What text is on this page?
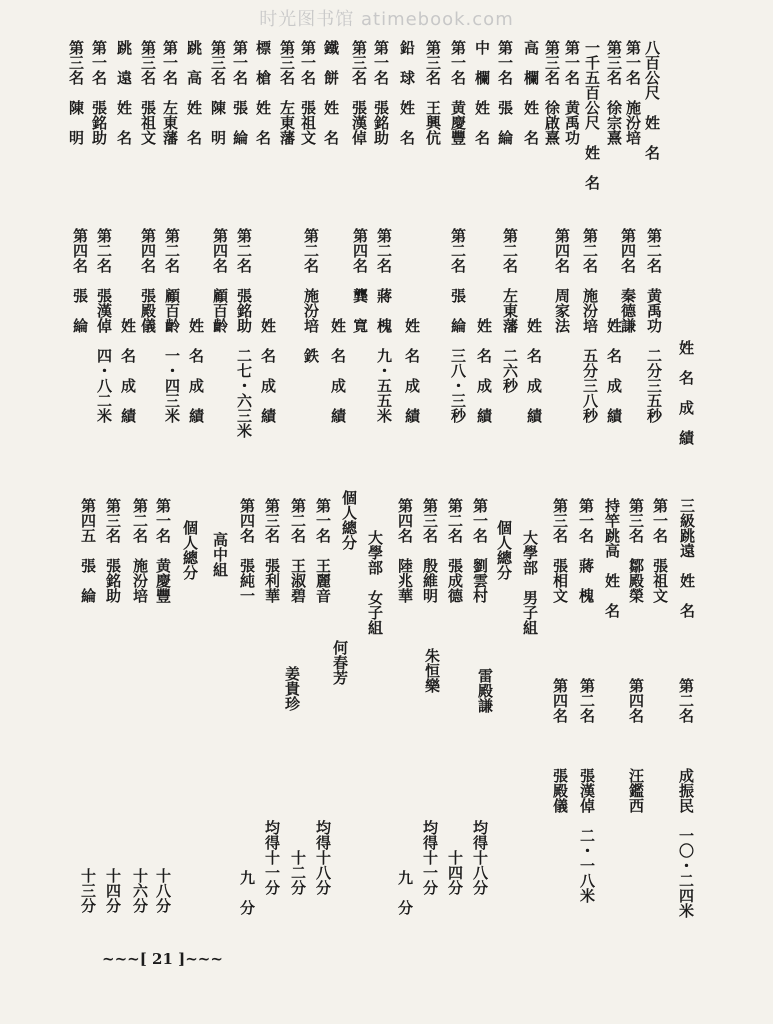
时光图书馆 atimebook.com
八百公尺　姓　名
第一名　施汾培
第三名　徐宗熹
一千五百公尺　姓　名
第一名　黄禹功
第三名　徐啟熹
高　欄　姓　名
第一名　張　綸
中　欄　姓　名
第一名　黄慶豐
第三名　王興伉
鉛　球　姓　名
第一名　張銘助
第三名　張漢倬
鐵　餅　姓　名
第一名　張祖文
第三名　左東藩
標　槍　姓　名
第一名　張　綸
第三名　陳　明
跳　高　姓　名
第一名　左東藩
第三名　張祖文
跳　遠　姓　名
第一名　張銘助
第三名　陳　明
第二名　黄禹功　二分三五秒
第四名　秦德謙
第二名　施汾培　五分三八秒
第四名　周家法
第二名　左東藩　二六秒
第二名　張　綸　三八・三秒
第二名　蔣　槐　九・五五米
第四名　龔　寬
第二名　施汾培　鉄
第二名　張銘助　二七・六三米
第四名　顧百齡
第二名　顧百齡　一・四三米
第四名　張殿儀
第二名　張漢倬　四・八二米
第四名　張　綸
姓　名　成　績
姓　名　成　績
姓　名　成　績
姓　名　成　績
姓　名　成　績
姓　名　成　績
姓　名　成　績
姓　名　成　績
姓　名　成　績
三級跳遠　姓　名
第一名　張祖文
第三名　鄒殿榮
持竿跳高　姓　名
第一名　蔣　槐
第三名　張相文
大學部　男子組
個人總分
第一名　劉雲村
第二名　張成德
第三名　殷維明
第四名　陸兆華
大學部　女子組
個人總分
第一名　王麗音
第二名　王淑碧
第三名　張利華
第四名　張純一
高中組
個人總分
第一名　黄慶豐
第二名　施汾培
第三名　張銘助
第四五　張　綸
第二名
第四名
第二名
第四名
雷殿謙
朱恒樂
何春芳
姜貴珍
成振民　一〇・二四米
汪鑑西
張漢倬　二・一八米
張殿儀
均得十八分
十四分
均得十一分
九　分
均得十八分
十二分
均得十一分
九　分
十八分
十六分
十四分
十三分
~~~[ 21 ]~~~
